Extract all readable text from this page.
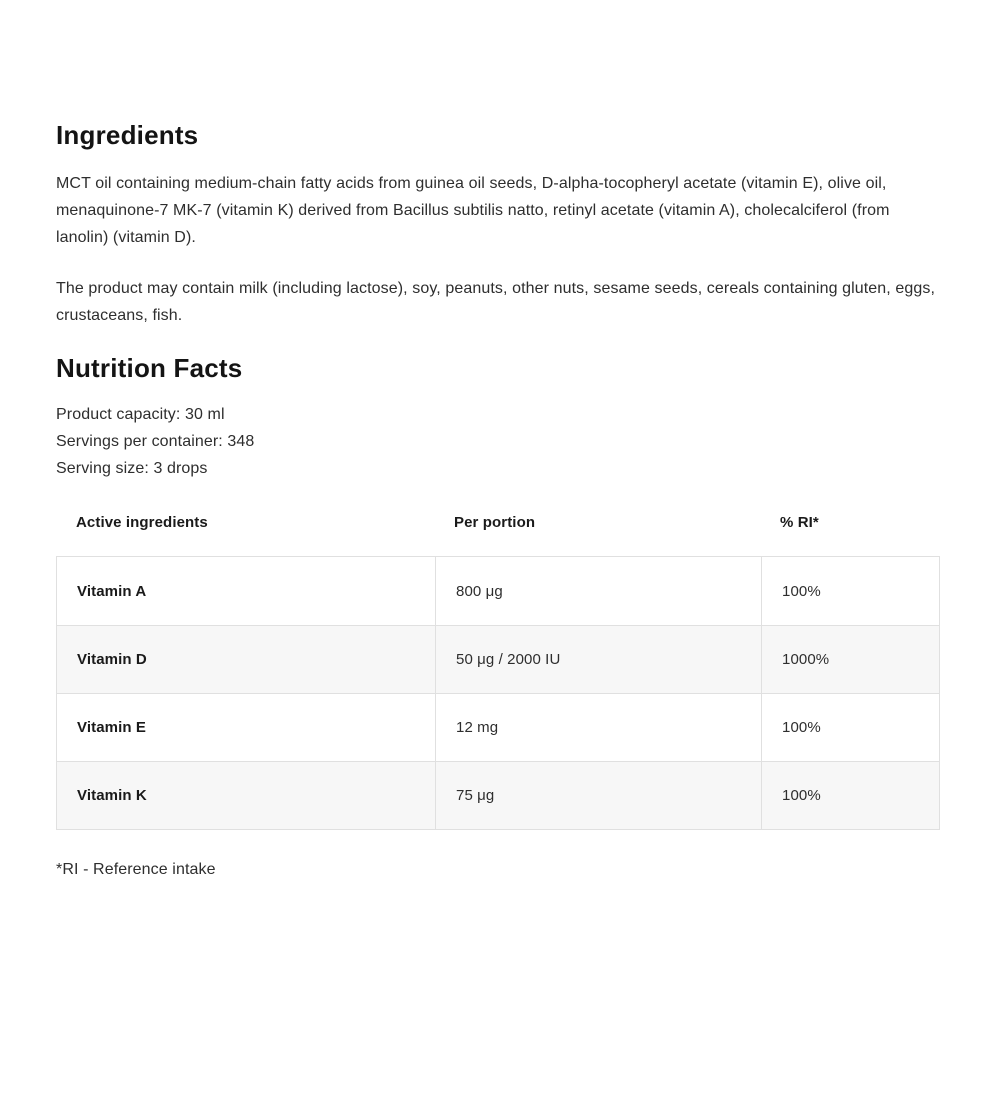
Ingredients

MCT oil containing medium-chain fatty acids from guinea oil seeds, D-alpha-tocopheryl acetate (vitamin E), olive oil, menaquinone-7 MK-7 (vitamin K) derived from Bacillus subtilis natto, retinyl acetate (vitamin A), cholecalciferol (from lanolin) (vitamin D).

The product may contain milk (including lactose), soy, peanuts, other nuts, sesame seeds, cereals containing gluten, eggs, crustaceans, fish.

Nutrition Facts

Product capacity: 30 ml

Servings per container: 348

Serving size: 3 drops

Active ingredients	Per portion	% RI*
Vitamin A	800 μg	100%
Vitamin D	50 μg / 2000 IU	1000%
Vitamin E	12 mg	100%
Vitamin K	75 μg	100%

*RI - Reference intake
